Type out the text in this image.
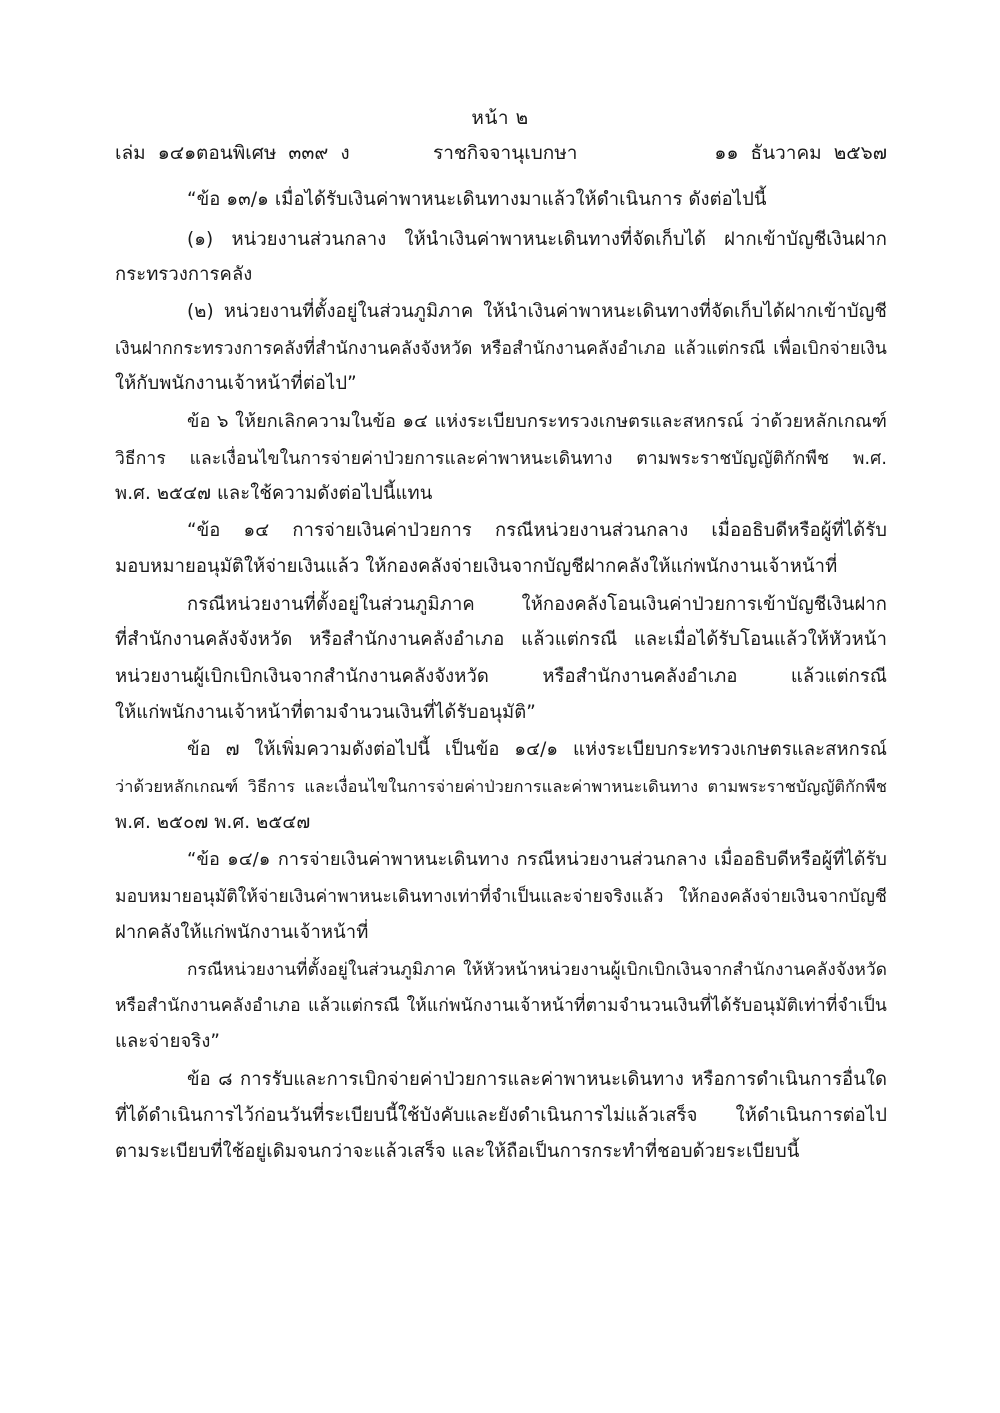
หน้า ๒
เล่ม ๑๔๑ ตอนพิเศษ ๓๓๙ ง	ราชกิจจานุเบกษา	๑๑ ธันวาคม ๒๕๖๗
“ข้อ ๑๓/๑ เมื่อได้รับเงินค่าพาหนะเดินทางมาแล้วให้ดำเนินการ ดังต่อไปนี้
(๑) หน่วยงานส่วนกลาง ให้นำเงินค่าพาหนะเดินทางที่จัดเก็บได้ ฝากเข้าบัญชีเงินฝาก
กระทรวงการคลัง
(๒) หน่วยงานที่ตั้งอยู่ในส่วนภูมิภาค ให้นำเงินค่าพาหนะเดินทางที่จัดเก็บได้ฝากเข้าบัญชี
เงินฝากกระทรวงการคลังที่สำนักงานคลังจังหวัด หรือสำนักงานคลังอำเภอ แล้วแต่กรณี เพื่อเบิกจ่ายเงิน
ให้กับพนักงานเจ้าหน้าที่ต่อไป”
ข้อ ๖ ให้ยกเลิกความในข้อ ๑๔ แห่งระเบียบกระทรวงเกษตรและสหกรณ์ ว่าด้วยหลักเกณฑ์
วิธีการ และเงื่อนไขในการจ่ายค่าป่วยการและค่าพาหนะเดินทาง ตามพระราชบัญญัติกักพืช พ.ศ.
พ.ศ. ๒๕๔๗ และใช้ความดังต่อไปนี้แทน
“ข้อ ๑๔ การจ่ายเงินค่าป่วยการ กรณีหน่วยงานส่วนกลาง เมื่ออธิบดีหรือผู้ที่ได้รับ
มอบหมายอนุมัติให้จ่ายเงินแล้ว ให้กองคลังจ่ายเงินจากบัญชีฝากคลังให้แก่พนักงานเจ้าหน้าที่
กรณีหน่วยงานที่ตั้งอยู่ในส่วนภูมิภาค ให้กองคลังโอนเงินค่าป่วยการเข้าบัญชีเงินฝาก
ที่สำนักงานคลังจังหวัด หรือสำนักงานคลังอำเภอ แล้วแต่กรณี และเมื่อได้รับโอนแล้วให้หัวหน้า
หน่วยงานผู้เบิกเบิกเงินจากสำนักงานคลังจังหวัด หรือสำนักงานคลังอำเภอ แล้วแต่กรณี
ให้แก่พนักงานเจ้าหน้าที่ตามจำนวนเงินที่ได้รับอนุมัติ”
ข้อ ๗ ให้เพิ่มความดังต่อไปนี้ เป็นข้อ ๑๔/๑ แห่งระเบียบกระทรวงเกษตรและสหกรณ์
ว่าด้วยหลักเกณฑ์ วิธีการ และเงื่อนไขในการจ่ายค่าป่วยการและค่าพาหนะเดินทาง ตามพระราชบัญญัติกักพืช
พ.ศ. ๒๕๐๗ พ.ศ. ๒๕๔๗
“ข้อ ๑๔/๑ การจ่ายเงินค่าพาหนะเดินทาง กรณีหน่วยงานส่วนกลาง เมื่ออธิบดีหรือผู้ที่ได้รับ
มอบหมายอนุมัติให้จ่ายเงินค่าพาหนะเดินทางเท่าที่จำเป็นและจ่ายจริงแล้ว ให้กองคลังจ่ายเงินจากบัญชี
ฝากคลังให้แก่พนักงานเจ้าหน้าที่
กรณีหน่วยงานที่ตั้งอยู่ในส่วนภูมิภาค ให้หัวหน้าหน่วยงานผู้เบิกเบิกเงินจากสำนักงานคลังจังหวัด
หรือสำนักงานคลังอำเภอ แล้วแต่กรณี ให้แก่พนักงานเจ้าหน้าที่ตามจำนวนเงินที่ได้รับอนุมัติเท่าที่จำเป็น
และจ่ายจริง”
ข้อ ๘ การรับและการเบิกจ่ายค่าป่วยการและค่าพาหนะเดินทาง หรือการดำเนินการอื่นใด
ที่ได้ดำเนินการไว้ก่อนวันที่ระเบียบนี้ใช้บังคับและยังดำเนินการไม่แล้วเสร็จ ให้ดำเนินการต่อไป
ตามระเบียบที่ใช้อยู่เดิมจนกว่าจะแล้วเสร็จ และให้ถือเป็นการกระทำที่ชอบด้วยระเบียบนี้
